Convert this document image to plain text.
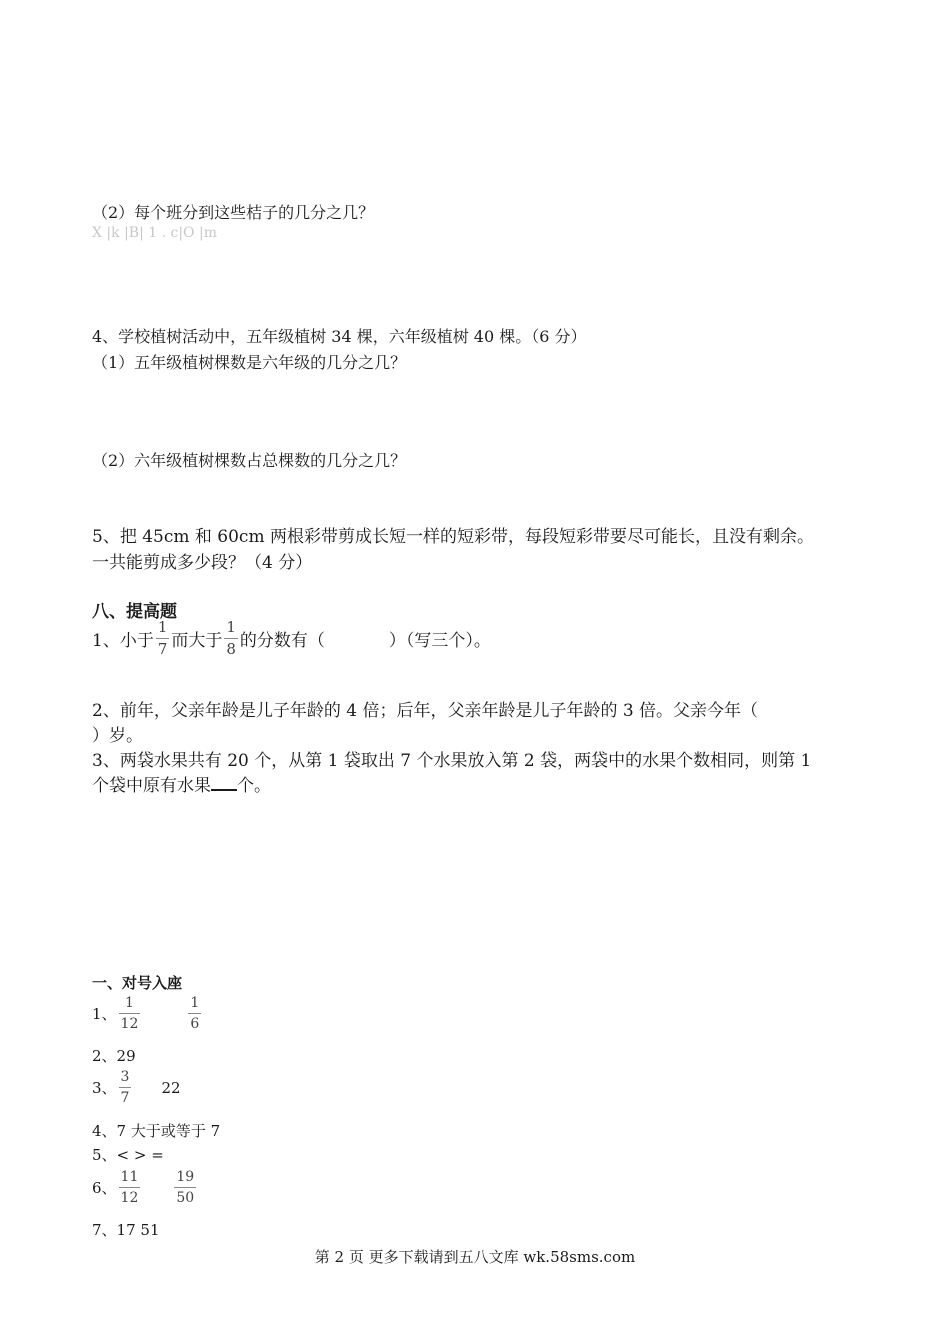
（2）每个班分到这些桔子的几分之几？
X |k |B| 1 . c|O |m
4、学校植树活动中，五年级植树 34 棵，六年级植树 40 棵。（6 分）
（1）五年级植树棵数是六年级的几分之几？
（2）六年级植树棵数占总棵数的几分之几？
5、把 45cm 和 60cm 两根彩带剪成长短一样的短彩带，每段短彩带要尽可能长，且没有剩余。
一共能剪成多少段？（4 分）
八、提高题
1、小于 $\frac{1}{7}$ 而大于 $\frac{1}{8}$ 的分数有（	）（写三个）。
2、前年，父亲年龄是儿子年龄的 4 倍；后年，父亲年龄是儿子年龄的 3 倍。父亲今年（
）岁。
3、两袋水果共有 20 个，从第 1 袋取出 7 个水果放入第 2 袋，两袋中的水果个数相同，则第 1
个袋中原有水果 个。
一、对号入座
1、 $\frac{1}{12}$	$\frac{1}{6}$
2、29
3、 $\frac{3}{7} 22$
4、7 大于或等于 7
5、< > =
6、 $\frac{11}{12} \frac{19}{50}$
7、17 51
第 2 页 更多下载请到五八文库 wk.58sms.com
